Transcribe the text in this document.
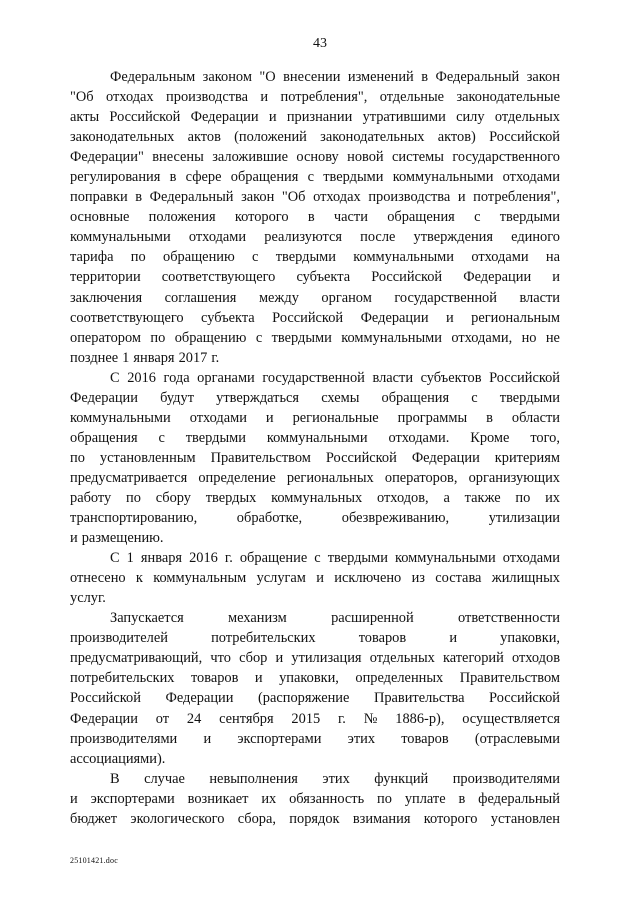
43
Федеральным законом "О внесении изменений в Федеральный закон
"Об отходах производства и потребления", отдельные законодательные
акты Российской Федерации и признании утратившими силу отдельных
законодательных актов (положений законодательных актов) Российской
Федерации" внесены заложившие основу новой системы государственного
регулирования в сфере обращения с твердыми коммунальными отходами
поправки в Федеральный закон "Об отходах производства и потребления",
основные положения которого в части обращения с твердыми
коммунальными отходами реализуются после утверждения единого
тарифа по обращению с твердыми коммунальными отходами на
территории соответствующего субъекта Российской Федерации и
заключения соглашения между органом государственной власти
соответствующего субъекта Российской Федерации и региональным
оператором по обращению с твердыми коммунальными отходами, но не
позднее 1 января 2017 г.
С 2016 года органами государственной власти субъектов Российской
Федерации будут утверждаться схемы обращения с твердыми
коммунальными отходами и региональные программы в области
обращения с твердыми коммунальными отходами. Кроме того,
по установленным Правительством Российской Федерации критериям
предусматривается определение региональных операторов, организующих
работу по сбору твердых коммунальных отходов, а также по их
транспортированию,	обработке,	обезвреживанию,	утилизации
и размещению.
С 1 января 2016 г. обращение с твердыми коммунальными отходами
отнесено к коммунальным услугам и исключено из состава жилищных
услуг.
Запускается	механизм	расширенной	ответственности
производителей	потребительских	товаров	и	упаковки,
предусматривающий, что сбор и утилизация отдельных категорий отходов
потребительских товаров и упаковки, определенных Правительством
Российской Федерации (распоряжение Правительства Российской
Федерации от 24 сентября 2015 г. № 1886-р), осуществляется
производителями и экспортерами этих товаров (отраслевыми
ассоциациями).
В случае невыполнения этих функций производителями
и экспортерами возникает их обязанность по уплате в федеральный
бюджет экологического сбора, порядок взимания которого установлен
25101421.doc
